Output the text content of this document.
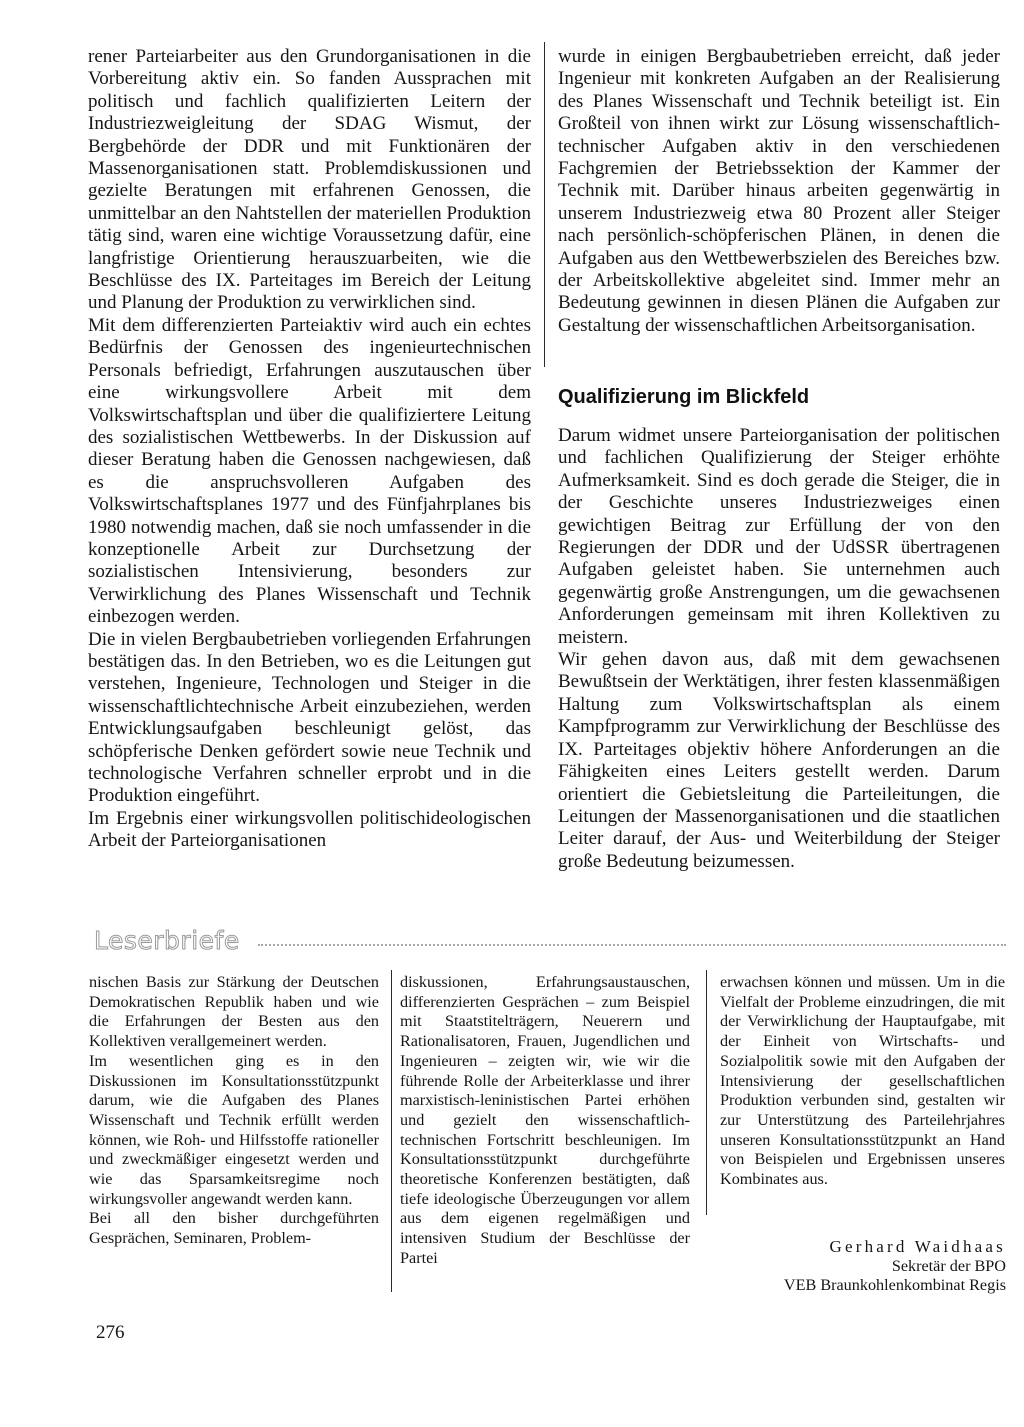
rener Parteiarbeiter aus den Grundorganisationen in die Vorbereitung aktiv ein. So fanden Aussprachen mit politisch und fachlich qualifizierten Leitern der Industriezweigleitung der SDAG Wismut, der Bergbehörde der DDR und mit Funktionären der Massenorganisationen statt. Problemdiskussionen und gezielte Beratungen mit erfahrenen Genossen, die unmittelbar an den Nahtstellen der materiellen Produktion tätig sind, waren eine wichtige Voraussetzung dafür, eine langfristige Orientierung herauszuarbeiten, wie die Beschlüsse des IX. Parteitages im Bereich der Leitung und Planung der Produktion zu verwirklichen sind.

Mit dem differenzierten Parteiaktiv wird auch ein echtes Bedürfnis der Genossen des ingenieurtechnischen Personals befriedigt, Erfahrungen auszutauschen über eine wirkungsvollere Arbeit mit dem Volkswirtschaftsplan und über die qualifiziertere Leitung des sozialistischen Wettbewerbs. In der Diskussion auf dieser Beratung haben die Genossen nachgewiesen, daß es die anspruchsvolleren Aufgaben des Volkswirtschaftsplanes 1977 und des Fünfjahrplanes bis 1980 notwendig machen, daß sie noch umfassender in die konzeptionelle Arbeit zur Durchsetzung der sozialistischen Intensivierung, besonders zur Verwirklichung des Planes Wissenschaft und Technik einbezogen werden.

Die in vielen Bergbaubetrieben vorliegenden Erfahrungen bestätigen das. In den Betrieben, wo es die Leitungen gut verstehen, Ingenieure, Technologen und Steiger in die wissenschaftlichtechnische Arbeit einzubeziehen, werden Entwicklungsaufgaben beschleunigt gelöst, das schöpferische Denken gefördert sowie neue Technik und technologische Verfahren schneller erprobt und in die Produktion eingeführt.

Im Ergebnis einer wirkungsvollen politischideologischen Arbeit der Parteiorganisationen

wurde in einigen Bergbaubetrieben erreicht, daß jeder Ingenieur mit konkreten Aufgaben an der Realisierung des Planes Wissenschaft und Technik beteiligt ist. Ein Großteil von ihnen wirkt zur Lösung wissenschaftlich-technischer Aufgaben aktiv in den verschiedenen Fachgremien der Betriebssektion der Kammer der Technik mit. Darüber hinaus arbeiten gegenwärtig in unserem Industriezweig etwa 80 Prozent aller Steiger nach persönlich-schöpferischen Plänen, in denen die Aufgaben aus den Wettbewerbszielen des Bereiches bzw. der Arbeitskollektive abgeleitet sind. Immer mehr an Bedeutung gewinnen in diesen Plänen die Aufgaben zur Gestaltung der wissenschaftlichen Arbeitsorganisation.

Qualifizierung im Blickfeld

Darum widmet unsere Parteiorganisation der politischen und fachlichen Qualifizierung der Steiger erhöhte Aufmerksamkeit. Sind es doch gerade die Steiger, die in der Geschichte unseres Industriezweiges einen gewichtigen Beitrag zur Erfüllung der von den Regierungen der DDR und der UdSSR übertragenen Aufgaben geleistet haben. Sie unternehmen auch gegenwärtig große Anstrengungen, um die gewachsenen Anforderungen gemeinsam mit ihren Kollektiven zu meistern.

Wir gehen davon aus, daß mit dem gewachsenen Bewußtsein der Werktätigen, ihrer festen klassenmäßigen Haltung zum Volkswirtschaftsplan als einem Kampfprogramm zur Verwirklichung der Beschlüsse des IX. Parteitages objektiv höhere Anforderungen an die Fähigkeiten eines Leiters gestellt werden. Darum orientiert die Gebietsleitung die Parteileitungen, die Leitungen der Massenorganisationen und die staatlichen Leiter darauf, der Aus- und Weiterbildung der Steiger große Bedeutung beizumessen.

Leserbriefe

nischen Basis zur Stärkung der Deutschen Demokratischen Republik haben und wie die Erfahrungen der Besten aus den Kollektiven verallgemeinert werden.

Im wesentlichen ging es in den Diskussionen im Konsultationsstützpunkt darum, wie die Aufgaben des Planes Wissenschaft und Technik erfüllt werden können, wie Roh- und Hilfsstoffe rationeller und zweckmäßiger eingesetzt werden und wie das Sparsamkeitsregime noch wirkungsvoller angewandt werden kann.

Bei all den bisher durchgeführten Gesprächen, Seminaren, Problem-

diskussionen, Erfahrungsaustauschen, differenzierten Gesprächen – zum Beispiel mit Staatstitelträgern, Neuerern und Rationalisatoren, Frauen, Jugendlichen und Ingenieuren – zeigten wir, wie wir die führende Rolle der Arbeiterklasse und ihrer marxistisch-leninistischen Partei erhöhen und gezielt den wissenschaftlich-technischen Fortschritt beschleunigen. Im Konsultationsstützpunkt durchgeführte theoretische Konferenzen bestätigten, daß tiefe ideologische Überzeugungen vor allem aus dem eigenen regelmäßigen und intensiven Studium der Beschlüsse der Partei

erwachsen können und müssen. Um in die Vielfalt der Probleme einzudringen, die mit der Verwirklichung der Hauptaufgabe, mit der Einheit von Wirtschafts- und Sozialpolitik sowie mit den Aufgaben der Intensivierung der gesellschaftlichen Produktion verbunden sind, gestalten wir zur Unterstützung des Parteilehrjahres unseren Konsultationsstützpunkt an Hand von Beispielen und Ergebnissen unseres Kombinates aus.

Gerhard Waidhaas
Sekretär der BPO
VEB Braunkohlenkombinat Regis
276
